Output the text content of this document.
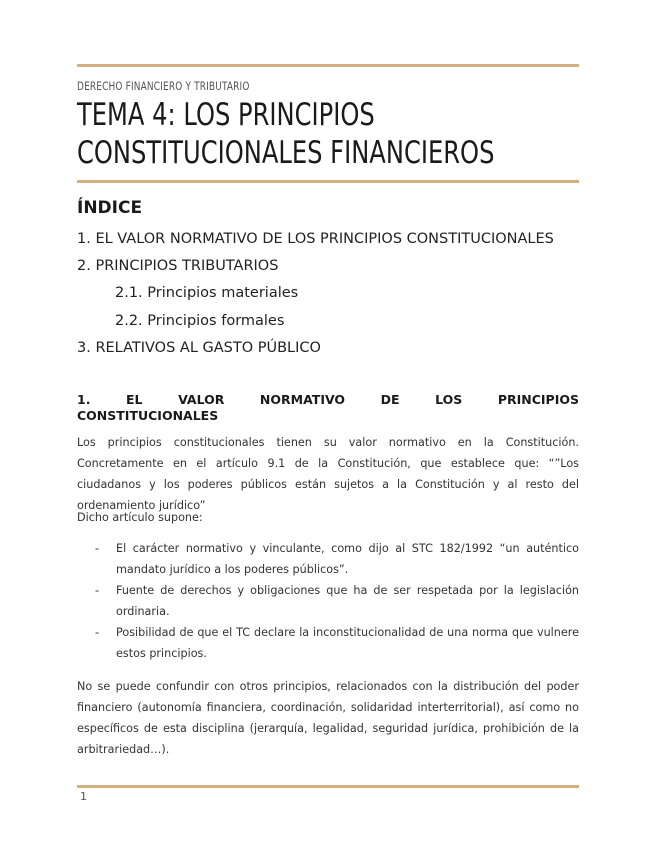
DERECHO FINANCIERO Y TRIBUTARIO
TEMA 4: LOS PRINCIPIOS CONSTITUCIONALES FINANCIEROS
ÍNDICE
1. EL VALOR NORMATIVO DE LOS PRINCIPIOS CONSTITUCIONALES
2. PRINCIPIOS TRIBUTARIOS
2.1. Principios materiales
2.2. Principios formales
3. RELATIVOS AL GASTO PÚBLICO
1. EL VALOR NORMATIVO DE LOS PRINCIPIOS
CONSTITUCIONALES

Los principios constitucionales tienen su valor normativo en la Constitución. Concretamente en el artículo 9.1 de la Constitución, que establece que: “”Los ciudadanos y los poderes públicos están sujetos a la Constitución y al resto del ordenamiento jurídico”

Dicho artículo supone:

- El carácter normativo y vinculante, como dijo al STC 182/1992 “un auténtico mandato jurídico a los poderes públicos”.
- Fuente de derechos y obligaciones que ha de ser respetada por la legislación ordinaria.
- Posibilidad de que el TC declare la inconstitucionalidad de una norma que vulnere estos principios.

No se puede confundir con otros principios, relacionados con la distribución del poder financiero (autonomía financiera, coordinación, solidaridad interterritorial), así como no específicos de esta disciplina (jerarquía, legalidad, seguridad jurídica, prohibición de la arbitrariedad…).

1
